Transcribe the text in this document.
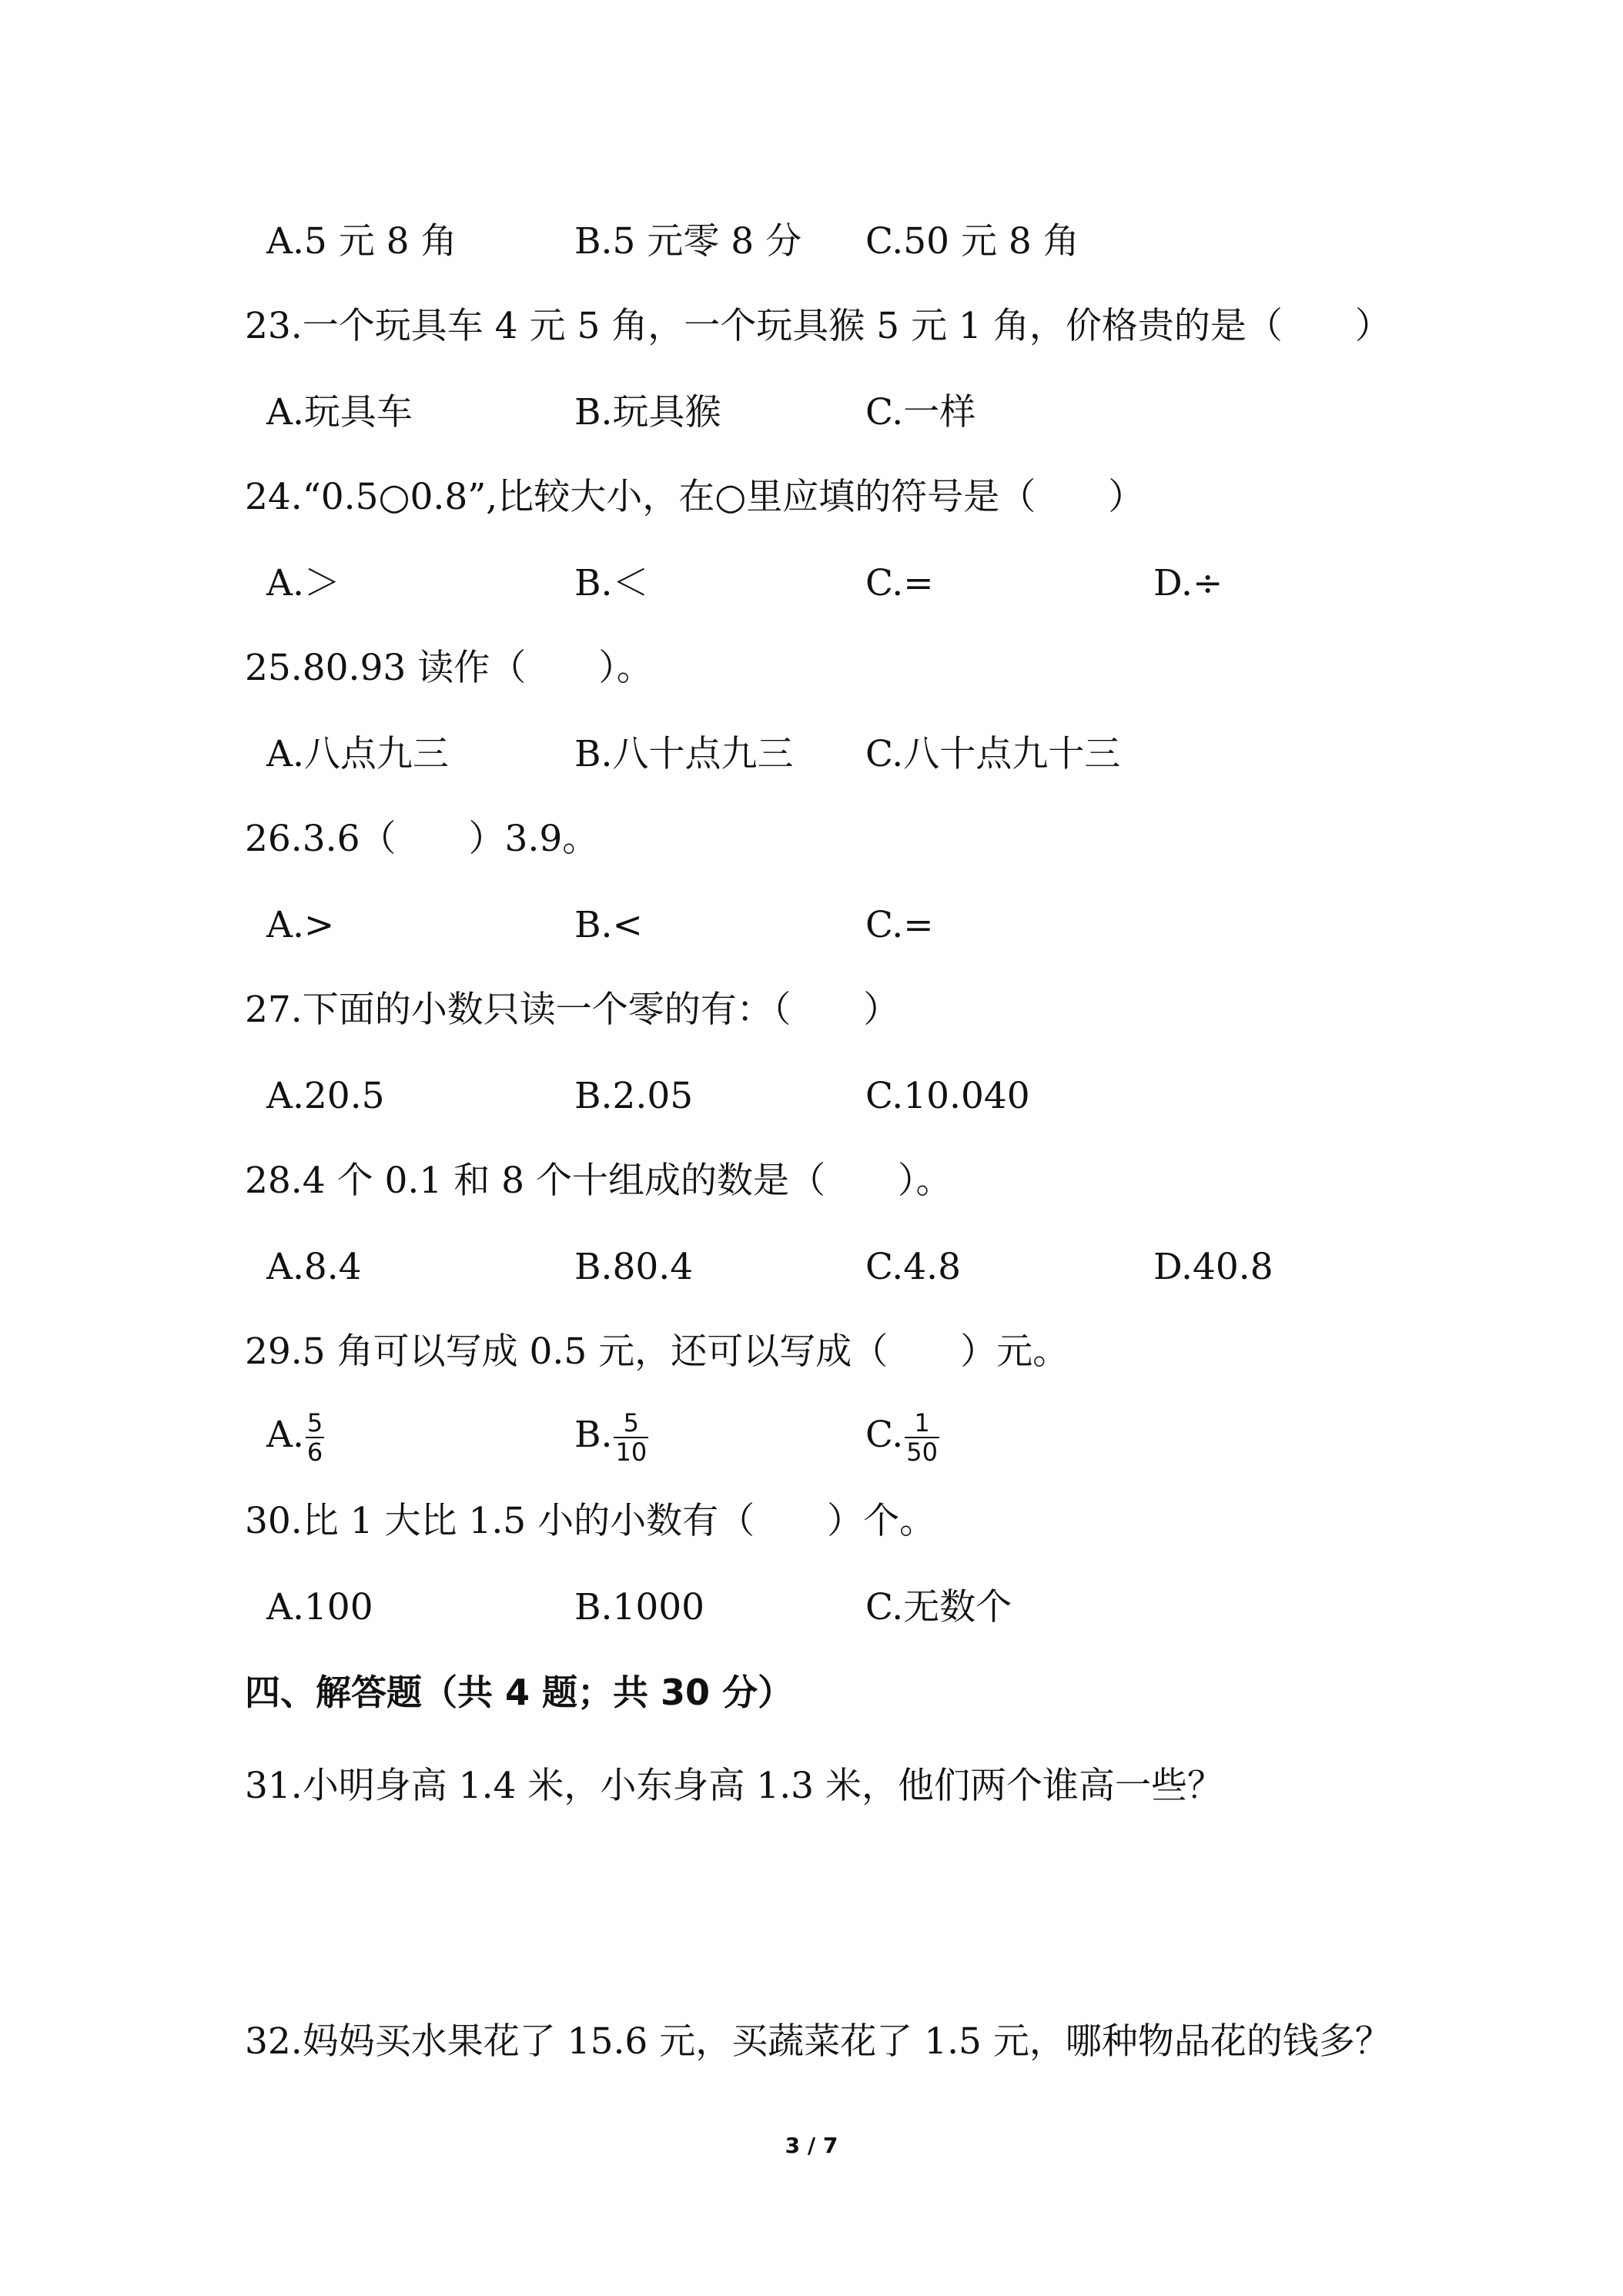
A.5 元 8 角	B.5 元零 8 分 C.50 元 8 角
23.一个玩具车 4 元 5 角，一个玩具猴 5 元 1 角，价格贵的是（　　）
A.玩具车	B.玩具猴	C.一样
24.“0.5○0.8”,比较大小，在○里应填的符号是（　　）
A.＞	B.＜	C.=	D.÷
25.80.93 读作（　　）。
A.八点九三	B.八十点九三 C.八十点九十三
26.3.6（　　）3.9。
A.>	B.<	C.=
27.下面的小数只读一个零的有：（　　）
A.20.5	B.2.05	C.10.040
28.4 个 0.1 和 8 个十组成的数是（　　）。
A.8.4	B.80.4	C.4.8	D.40.8
29.5 角可以写成 0.5 元，还可以写成（　　）元。
A. $\frac{5}{6}$	B. $\frac{5}{10}$	C. $\frac{1}{50}$
30.比 1 大比 1.5 小的小数有（　　）个。
A.100	B.1000	C.无数个
四、解答题（共 4 题；共 30 分）
31.小明身高 1.4 米，小东身高 1.3 米，他们两个谁高一些？
32.妈妈买水果花了 15.6 元，买蔬菜花了 1.5 元，哪种物品花的钱多？
3 / 7
